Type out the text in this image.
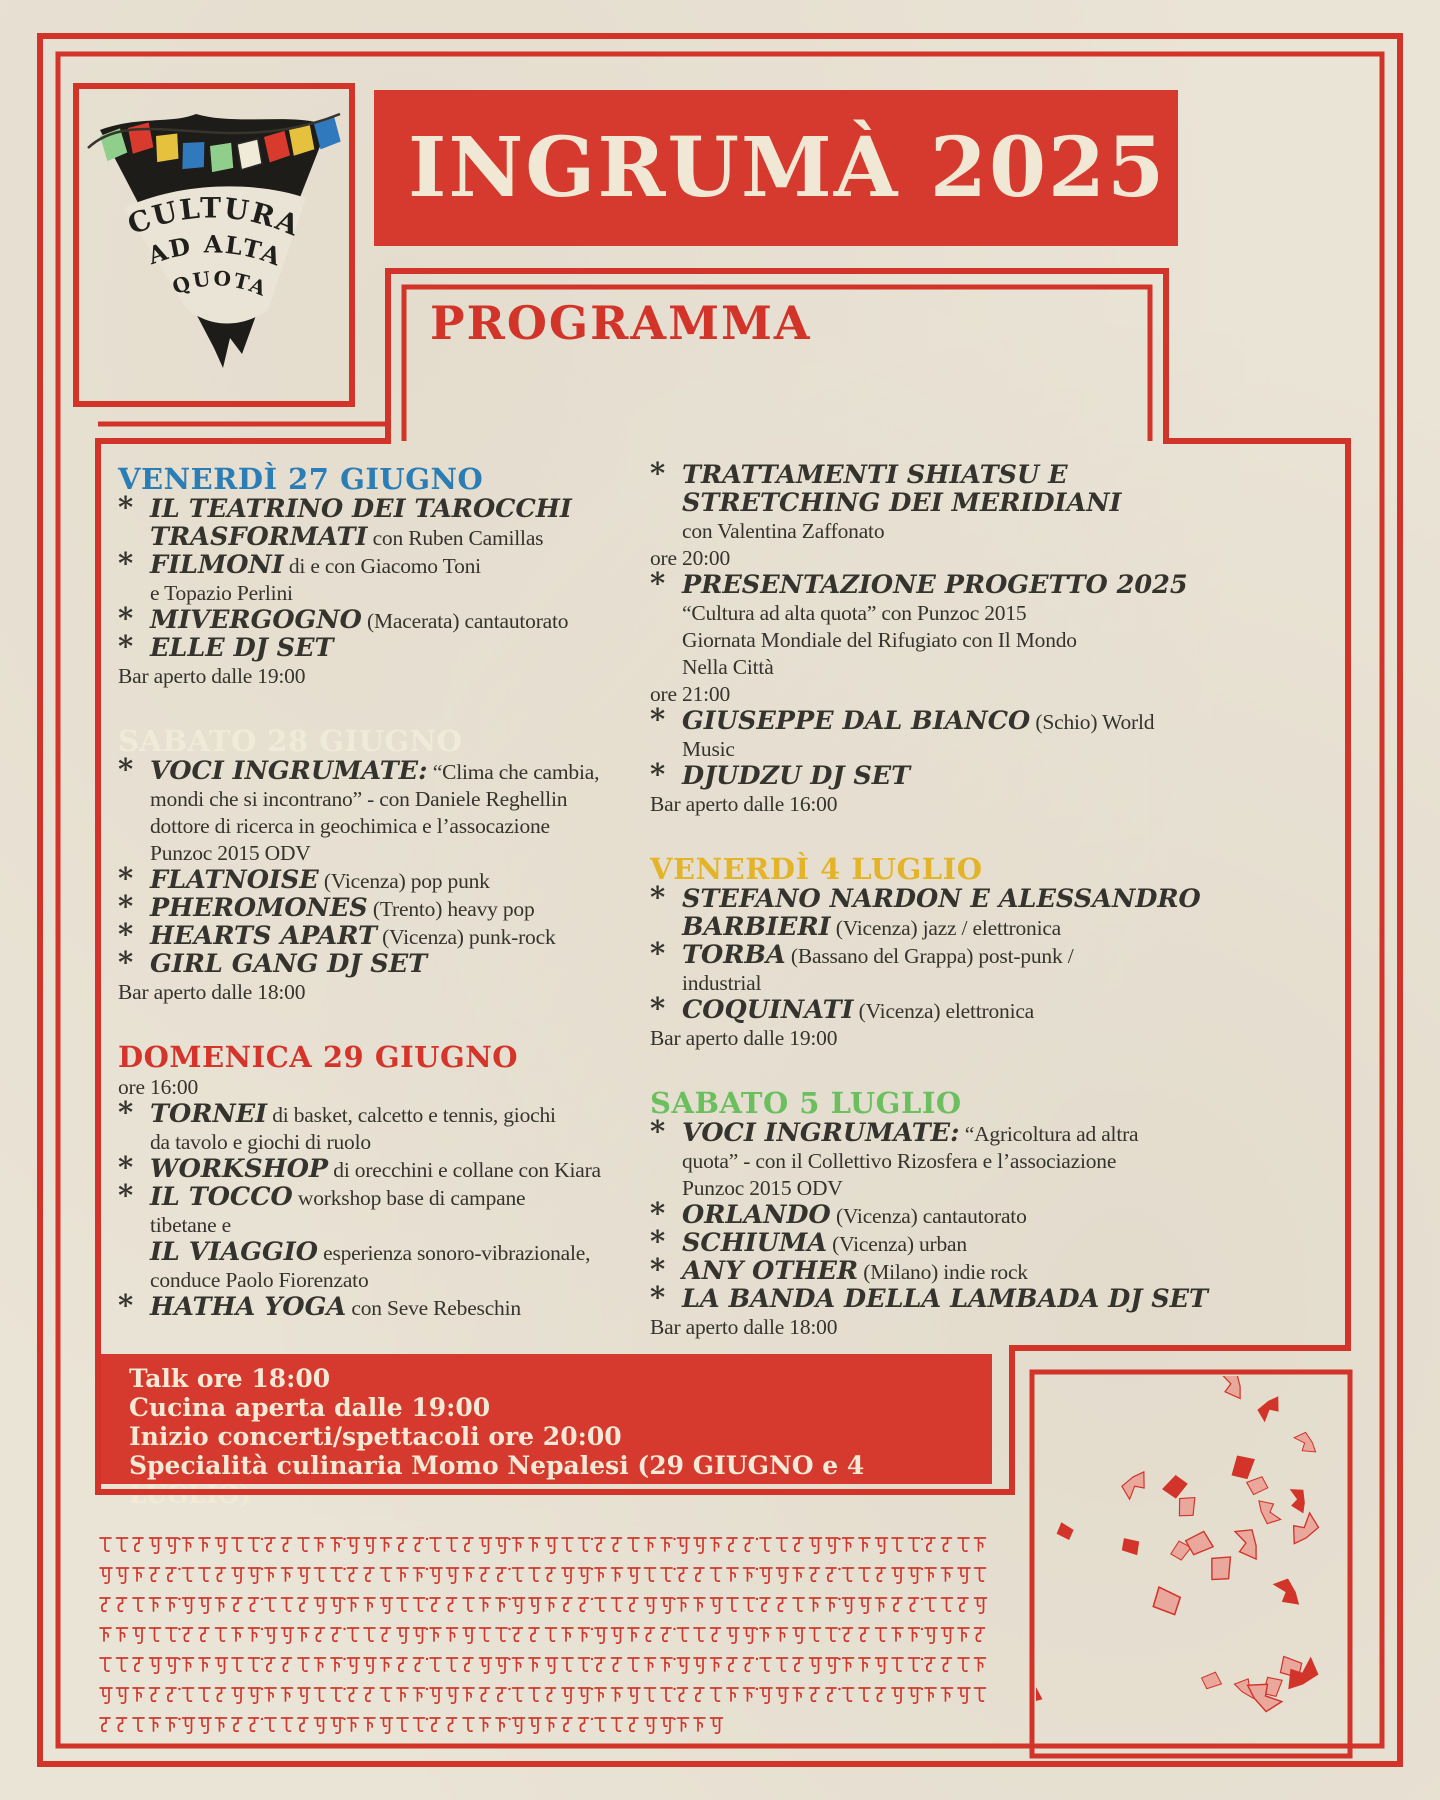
INGRUMÀ 2025
PROGRAMMA
CULTURA
AD ALTA
QUOTA
VENERDÌ 27 GIUGNO
* IL TEATRINO DEI TAROCCHI
TRASFORMATI con Ruben Camillas
* FILMONI di e con Giacomo Toni
e Topazio Perlini
* MIVERGOGNO (Macerata) cantautorato
* ELLE DJ SET
Bar aperto dalle 19:00
SABATO 28 GIUGNO
* VOCI INGRUMATE: “Clima che cambia,
mondi che si incontrano” - con Daniele Reghellin
dottore di ricerca in geochimica e l’assocazione
Punzoc 2015 ODV
* FLATNOISE (Vicenza) pop punk
* PHEROMONES (Trento) heavy pop
* HEARTS APART (Vicenza) punk-rock
* GIRL GANG DJ SET
Bar aperto dalle 18:00
DOMENICA 29 GIUGNO
ore 16:00
* TORNEI di basket, calcetto e tennis, giochi
da tavolo e giochi di ruolo
* WORKSHOP di orecchini e collane con Kiara
* IL TOCCO workshop base di campane
tibetane e
IL VIAGGIO esperienza sonoro-vibrazionale,
conduce Paolo Fiorenzato
* HATHA YOGA con Seve Rebeschin
* TRATTAMENTI SHIATSU E
STRETCHING DEI MERIDIANI
con Valentina Zaffonato
ore 20:00
* PRESENTAZIONE PROGETTO 2025
“Cultura ad alta quota” con Punzoc 2015
Giornata Mondiale del Rifugiato con Il Mondo
Nella Città
ore 21:00
* GIUSEPPE DAL BIANCO (Schio) World
Music
* DJUDZU DJ SET
Bar aperto dalle 16:00
VENERDÌ 4 LUGLIO
* STEFANO NARDON E ALESSANDRO
BARBIERI (Vicenza) jazz / elettronica
* TORBA (Bassano del Grappa) post-punk /
industrial
* COQUINATI (Vicenza) elettronica
Bar aperto dalle 19:00
SABATO 5 LUGLIO
* VOCI INGRUMATE: “Agricoltura ad altra
quota” - con il Collettivo Rizosfera e l’associazione
Punzoc 2015 ODV
* ORLANDO (Vicenza) cantautorato
* SCHIUMA (Vicenza) urban
* ANY OTHER (Milano) indie rock
* LA BANDA DELLA LAMBADA DJ SET
Bar aperto dalle 18:00
Talk ore 18:00
Cucina aperta dalle 19:00
Inizio concerti/spettacoli ore 20:00
Specialità culinaria Momo Nepalesi (29 GIUGNO e 4 LUGLIO)
